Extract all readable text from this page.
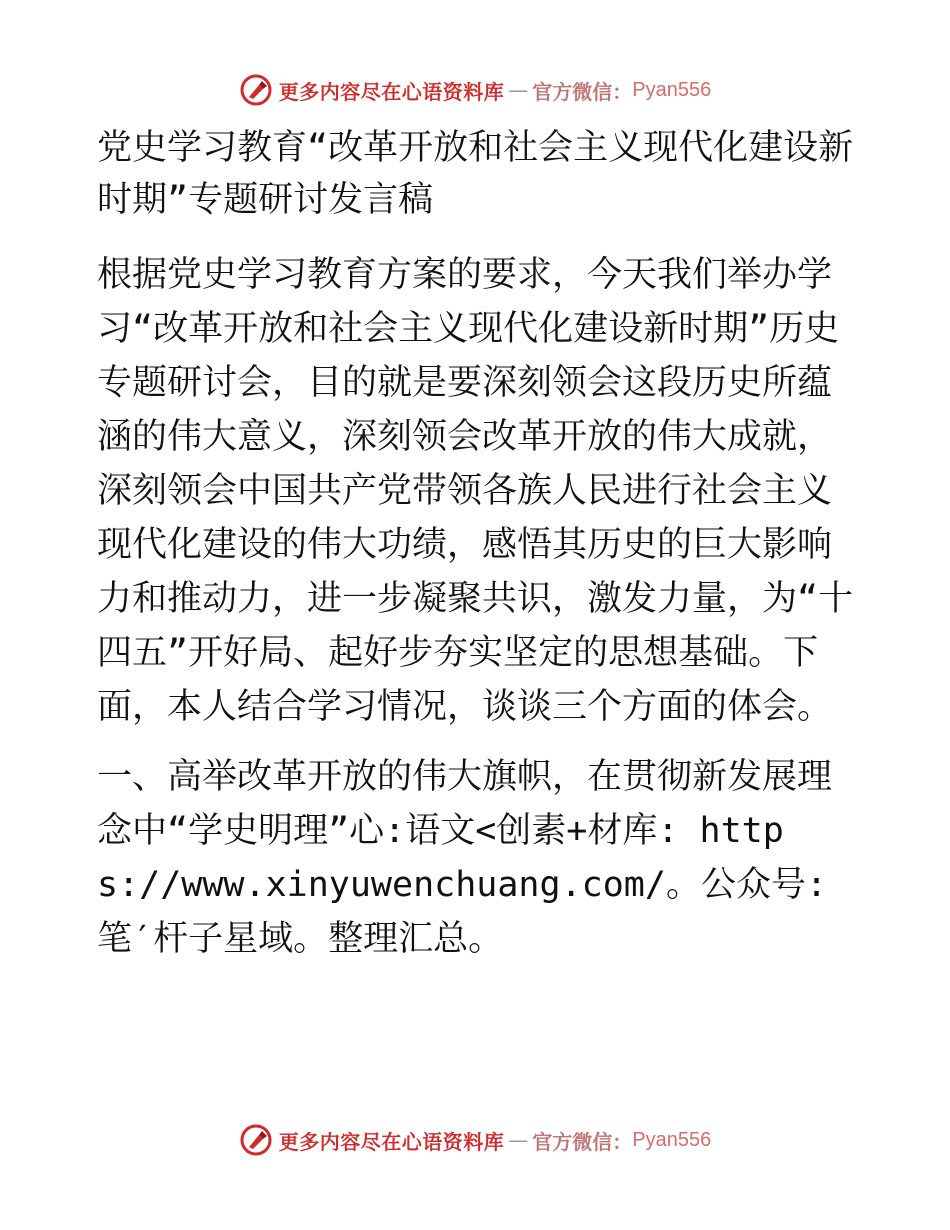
更多内容尽在心语资料库 — 官方微信： Pyan556
党史学习教育“改革开放和社会主义现代化建设新时期”专题研讨发言稿

根据党史学习教育方案的要求，今天我们举办学习“改革开放和社会主义现代化建设新时期”历史专题研讨会，目的就是要深刻领会这段历史所蕴涵的伟大意义，深刻领会改革开放的伟大成就，深刻领会中国共产党带领各族人民进行社会主义现代化建设的伟大功绩，感悟其历史的巨大影响力和推动力，进一步凝聚共识，激发力量，为“十四五”开好局、起好步夯实坚定的思想基础。下面，本人结合学习情况，谈谈三个方面的体会。

一、高举改革开放的伟大旗帜，在贯彻新发展理念中“学史明理”心:语文<创素+材库: https://www.xinyuwenchuang.com/。公众号: 笔′杆子星域。整理汇总。

更多内容尽在心语资料库 — 官方微信： Pyan556
